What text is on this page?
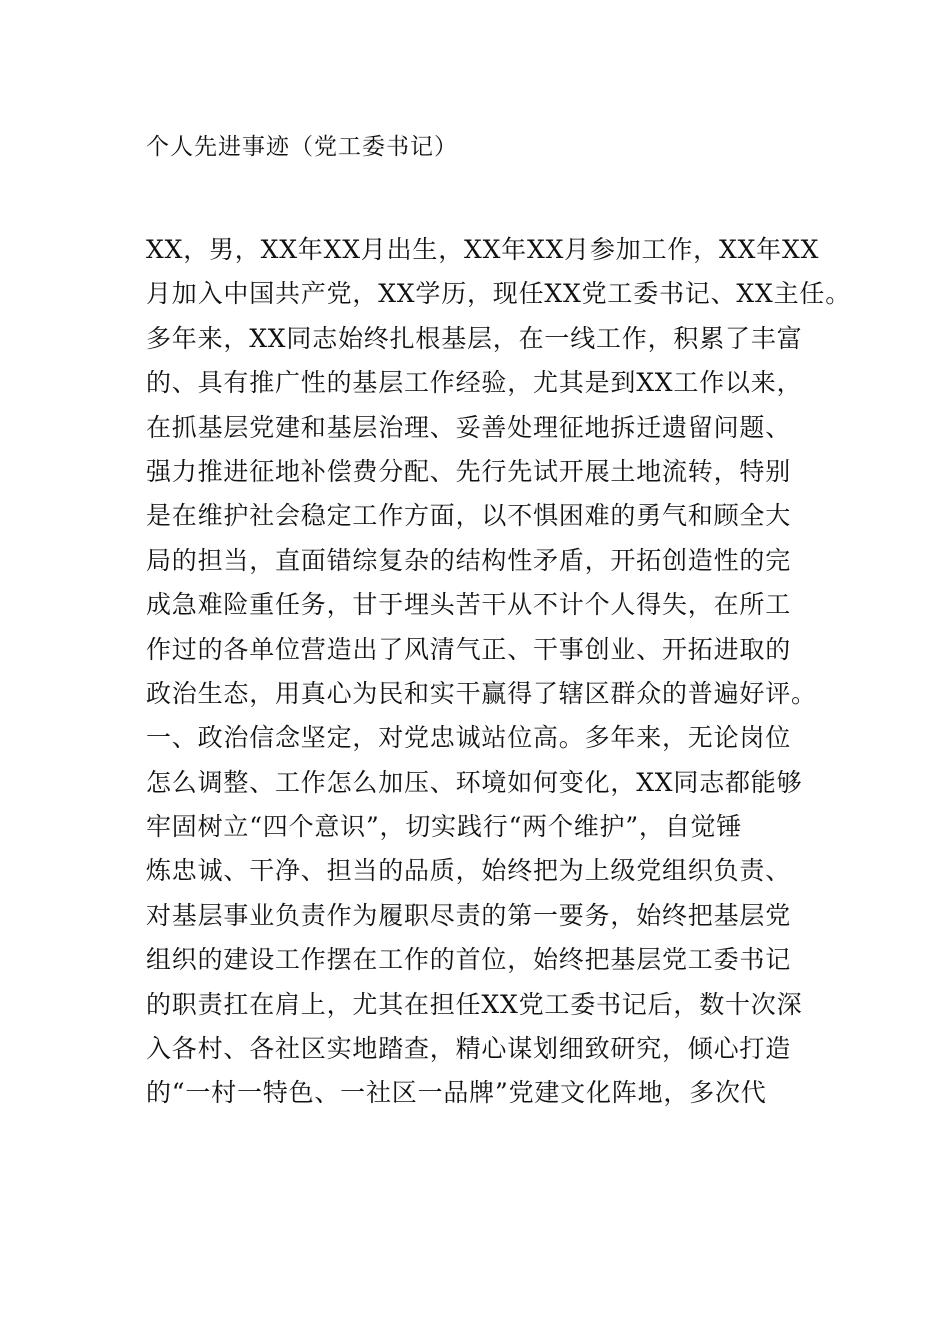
个人先进事迹（党工委书记）
XX，男，XX年XX月出生，XX年XX月参加工作，XX年XX
月加入中国共产党，XX学历，现任XX党工委书记、XX主任。
多年来，XX同志始终扎根基层，在一线工作，积累了丰富
的、具有推广性的基层工作经验，尤其是到XX工作以来，
在抓基层党建和基层治理、妥善处理征地拆迁遗留问题、
强力推进征地补偿费分配、先行先试开展土地流转，特别
是在维护社会稳定工作方面，以不惧困难的勇气和顾全大
局的担当，直面错综复杂的结构性矛盾，开拓创造性的完
成急难险重任务，甘于埋头苦干从不计个人得失，在所工
作过的各单位营造出了风清气正、干事创业、开拓进取的
政治生态，用真心为民和实干赢得了辖区群众的普遍好评。
一、政治信念坚定，对党忠诚站位高。多年来，无论岗位
怎么调整、工作怎么加压、环境如何变化，XX同志都能够
牢固树立“四个意识”，切实践行“两个维护”，自觉锤
炼忠诚、干净、担当的品质，始终把为上级党组织负责、
对基层事业负责作为履职尽责的第一要务，始终把基层党
组织的建设工作摆在工作的首位，始终把基层党工委书记
的职责扛在肩上，尤其在担任XX党工委书记后，数十次深
入各村、各社区实地踏查，精心谋划细致研究，倾心打造
的“一村一特色、一社区一品牌”党建文化阵地，多次代
